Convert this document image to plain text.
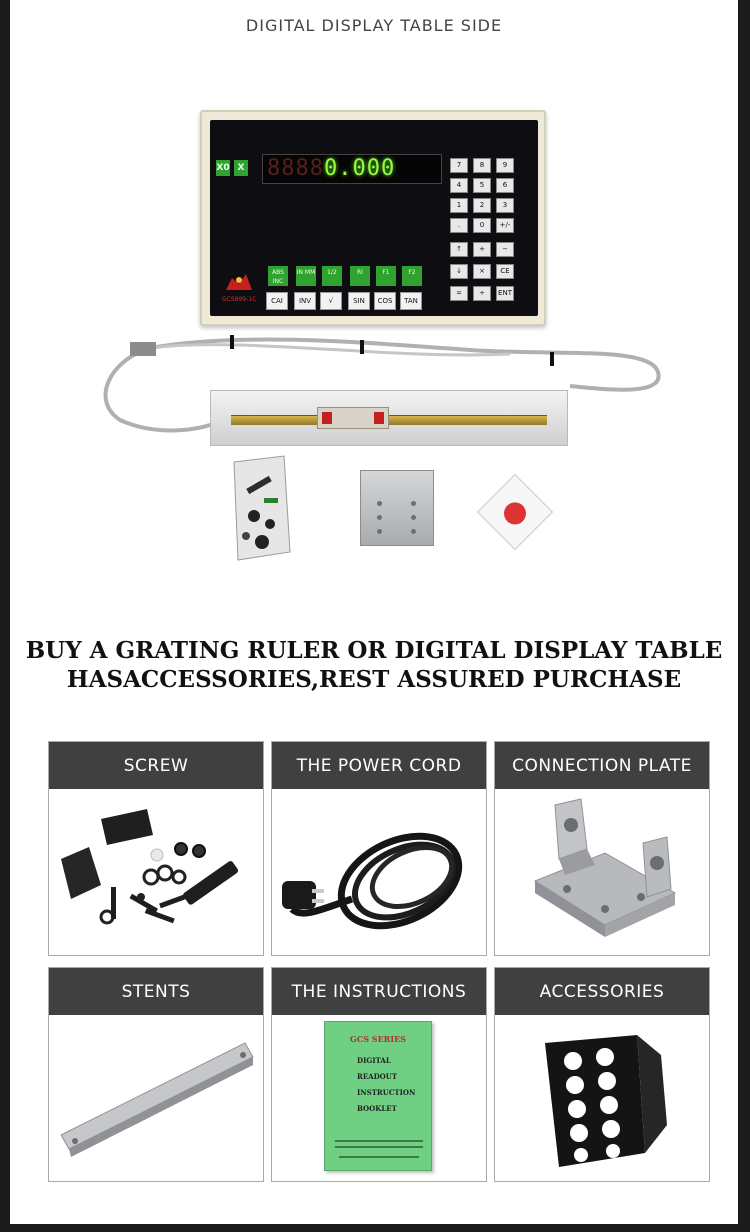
DIGITAL DISPLAY TABLE SIDE
X0 X 88880.000	7	8	9
4	5	6
1	2	3
.	0	+/-
↑	+	−
↓	×	CE
=	÷	ENT
ABS INC
IN MM	1/2	RI	F1	F2
CAI	INV	√	SIN	COS	TAN
GCS899-1C
BUY A GRATING RULER OR DIGITAL DISPLAY TABLE
HASACCESSORIES,REST ASSURED PURCHASE
SCREW	THE POWER CORD	CONNECTION PLATE
STENTS	THE INSTRUCTIONS
GCS SERIES
DIGITAL
READOUT
INSTRUCTION
BOOKLET
ACCESSORIES
